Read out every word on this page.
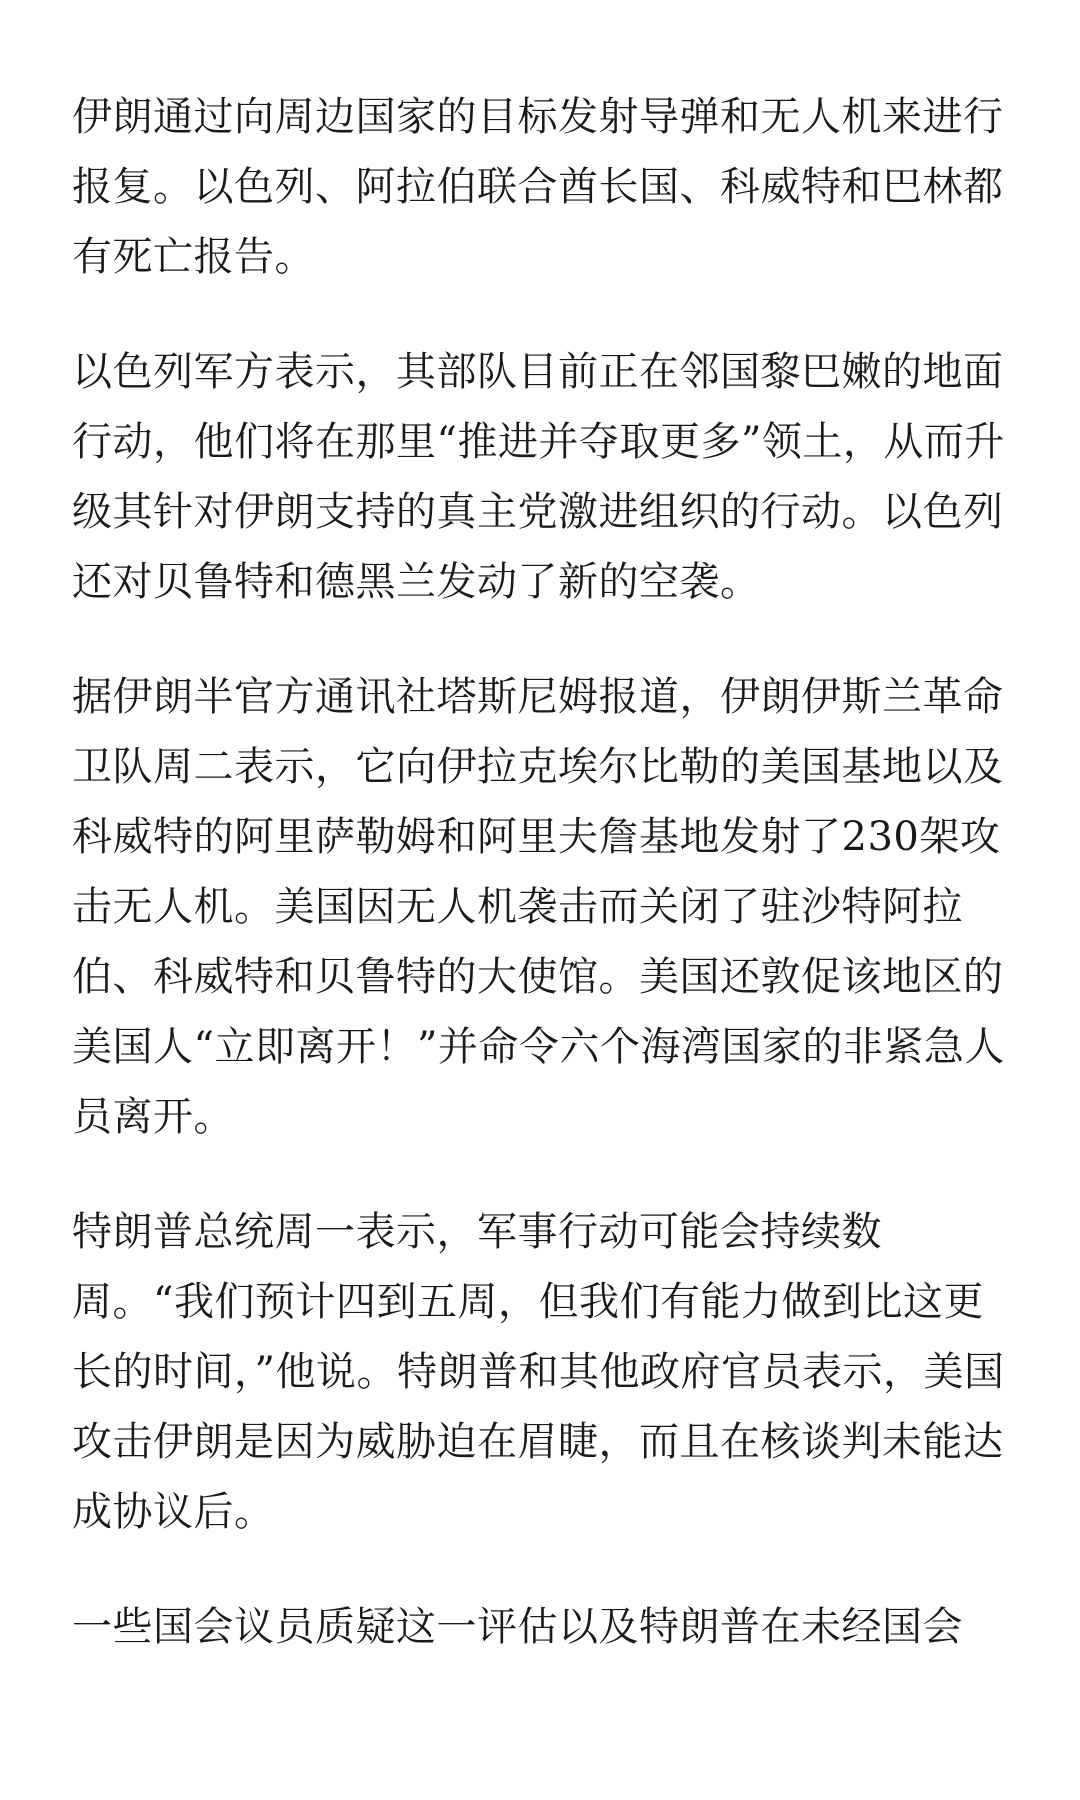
伊朗通过向周边国家的目标发射导弹和无人机来进行报复。以色列、阿拉伯联合酋长国、科威特和巴林都有死亡报告。

以色列军方表示，其部队目前正在邻国黎巴嫩的地面行动，他们将在那里“推进并夺取更多”领土，从而升级其针对伊朗支持的真主党激进组织的行动。以色列还对贝鲁特和德黑兰发动了新的空袭。

据伊朗半官方通讯社塔斯尼姆报道，伊朗伊斯兰革命卫队周二表示，它向伊拉克埃尔比勒的美国基地以及科威特的阿里萨勒姆和阿里夫詹基地发射了230架攻击无人机。美国因无人机袭击而关闭了驻沙特阿拉伯、科威特和贝鲁特的大使馆。美国还敦促该地区的美国人“立即离开！”并命令六个海湾国家的非紧急人员离开。

特朗普总统周一表示，军事行动可能会持续数周。“我们预计四到五周，但我们有能力做到比这更长的时间，”他说。特朗普和其他政府官员表示，美国攻击伊朗是因为威胁迫在眉睫，而且在核谈判未能达成协议后。

一些国会议员质疑这一评估以及特朗普在未经国会
